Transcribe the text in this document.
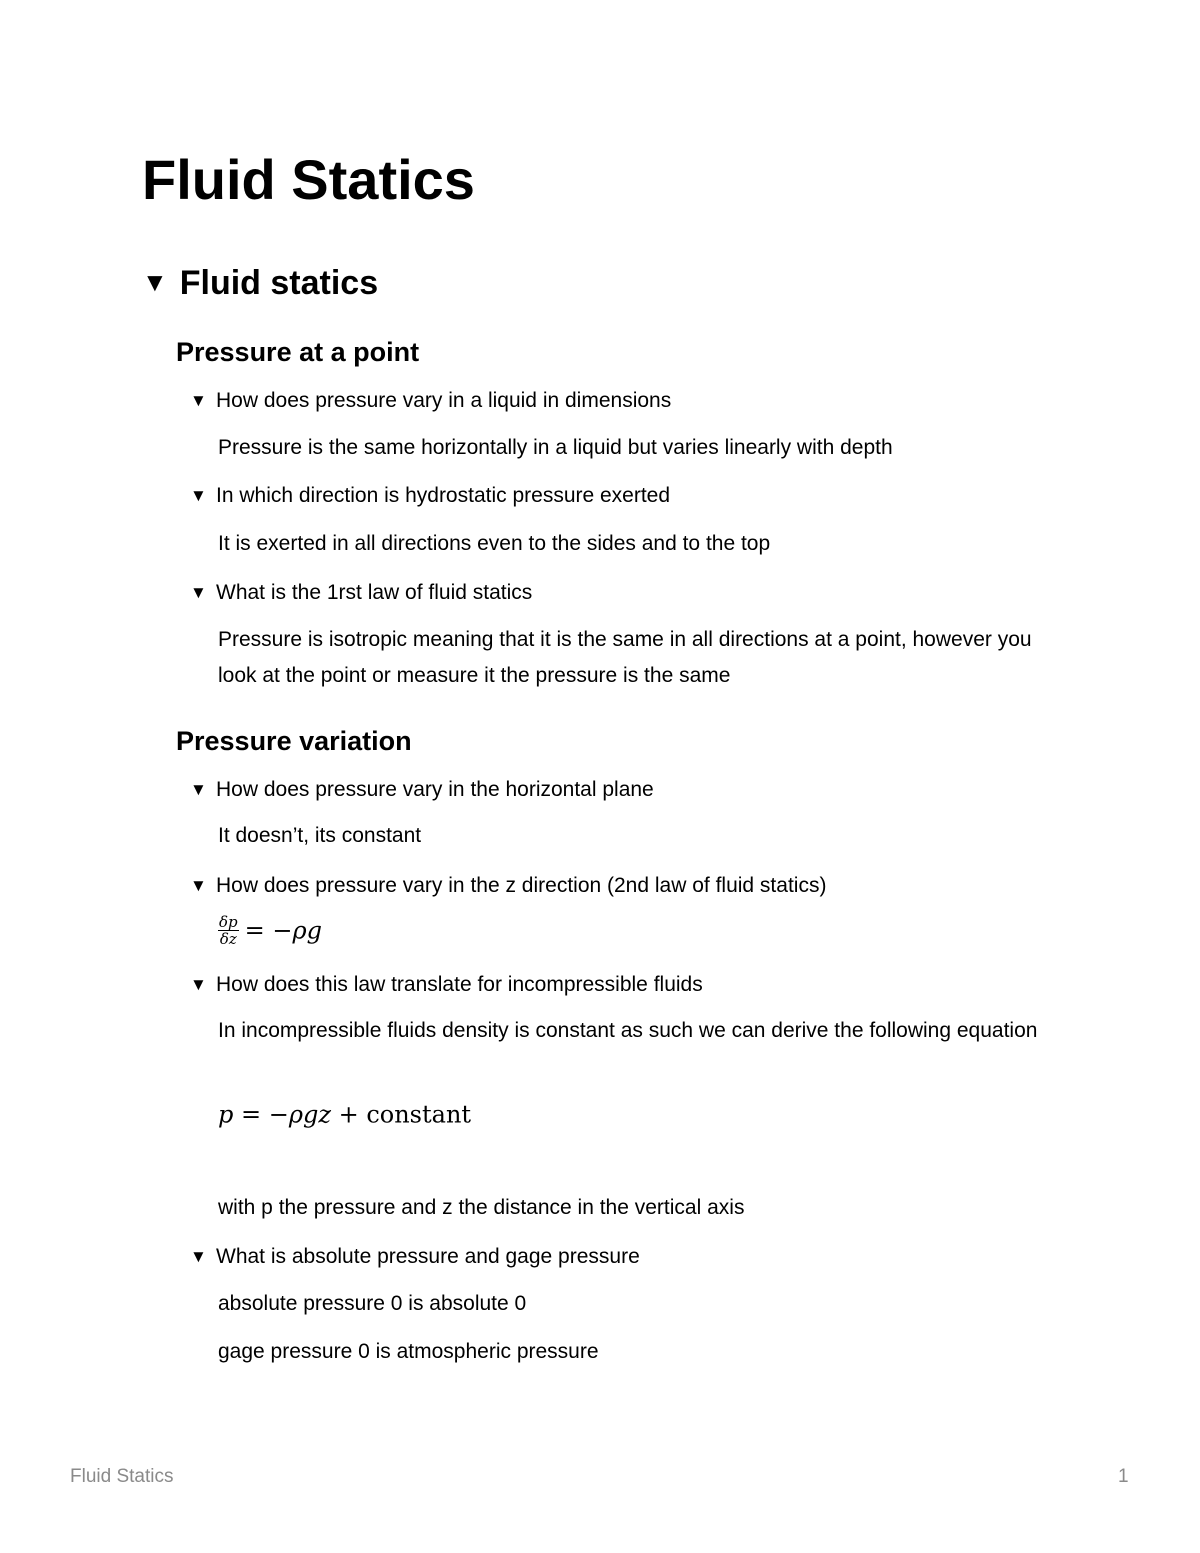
Fluid Statics
▼ Fluid statics
Pressure at a point
▼ How does pressure vary in a liquid in dimensions
Pressure is the same horizontally in a liquid but varies linearly with depth
▼ In which direction is hydrostatic pressure exerted
It is exerted in all directions even to the sides and to the top
▼ What is the 1rst law of fluid statics
Pressure is isotropic meaning that it is the same in all directions at a point, however you look at the point or measure it the pressure is the same
Pressure variation
▼ How does pressure vary in the horizontal plane
It doesn’t, its constant
▼ How does pressure vary in the z direction (2nd law of fluid statics)
$\frac{\delta p}{\delta z} = -\rho g$
▼ How does this law translate for incompressible fluids
In incompressible fluids density is constant as such we can derive the following equation
p = −ρgz + constant
with p the pressure and z the distance in the vertical axis
▼ What is absolute pressure and gage pressure
absolute pressure 0 is absolute 0
gage pressure 0 is atmospheric pressure
Fluid Statics	1
